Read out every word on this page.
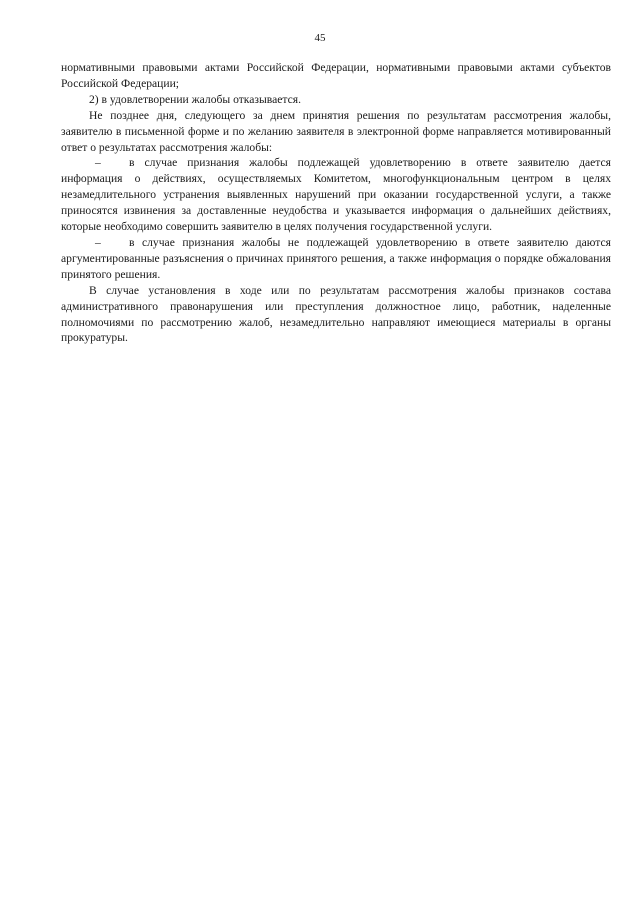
45

нормативными правовыми актами Российской Федерации, нормативными правовыми актами субъектов Российской Федерации;

2) в удовлетворении жалобы отказывается.

Не позднее дня, следующего за днем принятия решения по результатам рассмотрения жалобы, заявителю в письменной форме и по желанию заявителя в электронной форме направляется мотивированный ответ о результатах рассмотрения жалобы:

– в случае признания жалобы подлежащей удовлетворению в ответе заявителю дается информация о действиях, осуществляемых Комитетом, многофункциональным центром в целях незамедлительного устранения выявленных нарушений при оказании государственной услуги, а также приносятся извинения за доставленные неудобства и указывается информация о дальнейших действиях, которые необходимо совершить заявителю в целях получения государственной услуги.

– в случае признания жалобы не подлежащей удовлетворению в ответе заявителю даются аргументированные разъяснения о причинах принятого решения, а также информация о порядке обжалования принятого решения.

В случае установления в ходе или по результатам рассмотрения жалобы признаков состава административного правонарушения или преступления должностное лицо, работник, наделенные полномочиями по рассмотрению жалоб, незамедлительно направляют имеющиеся материалы в органы прокуратуры.
